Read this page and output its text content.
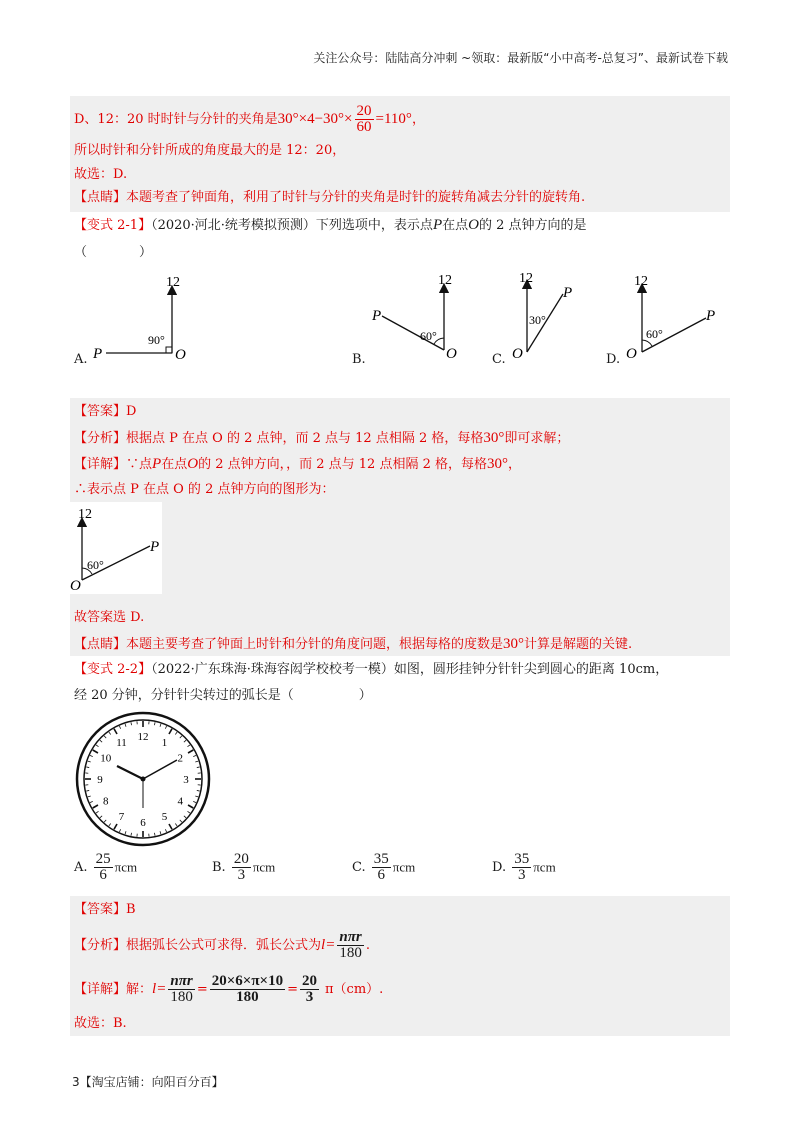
关注公众号：陆陆高分冲刺 ~领取：最新版“小中高考-总复习”、最新试卷下载
D、12：20 时时针与分针的夹角是$30^\circ\times 4-30^\circ\times \frac{20}{60} =110^\circ$，
所以时针和分针所成的角度最大的是 12：20，
故选：D.
【点睛】本题考查了钟面角，利用了时针与分针的夹角是时针的旋转角减去分针的旋转角.
【变式 2-1】（2020·河北·统考模拟预测）下列选项中，表示点P在点O的 2 点钟方向的是
（　　　　）
12
P	O
90°
A.
12
P
O
60°
B.
12
P
O
30°
C.
12
P
O
60°
D.
【答案】D
【分析】根据点 P 在点 O 的 2 点钟，而 2 点与 12 点相隔 2 格，每格30°即可求解；
【详解】∵点P在点O的 2 点钟方向，，而 2 点与 12 点相隔 2 格，每格30°，
∴表示点 P 在点 O 的 2 点钟方向的图形为：
12
P
O
60°
故答案选 D.
【点睛】本题主要考查了钟面上时针和分针的角度问题，根据每格的度数是30°计算是解题的关键.
【变式 2-2】（2022·广东珠海·珠海容闳学校校考一模）如图，圆形挂钟分针针尖到圆心的距离 10cm，
经 20 分钟，分针针尖转过的弧长是（　　　　　）
12 1
2
3
4
5
6
7
8
9
10
11
A. $\frac{25}{6}$ πcm	B. $\frac{20}{3}$ πcm	C. $\frac{35}{6}$ πcm	D. $\frac{35}{3}$ πcm
【答案】B
【分析】根据弧长公式可求得．弧长公式为$l= \frac{\text{nπr}}{180}$ .
【详解】解：$l= \frac{\text{nπr}}{180} = \frac{20\times 6\times\pi\times 10}{180} = \frac{20}{3} \pi(cm)$.
故选：B.
3【淘宝店铺：向阳百分百】
